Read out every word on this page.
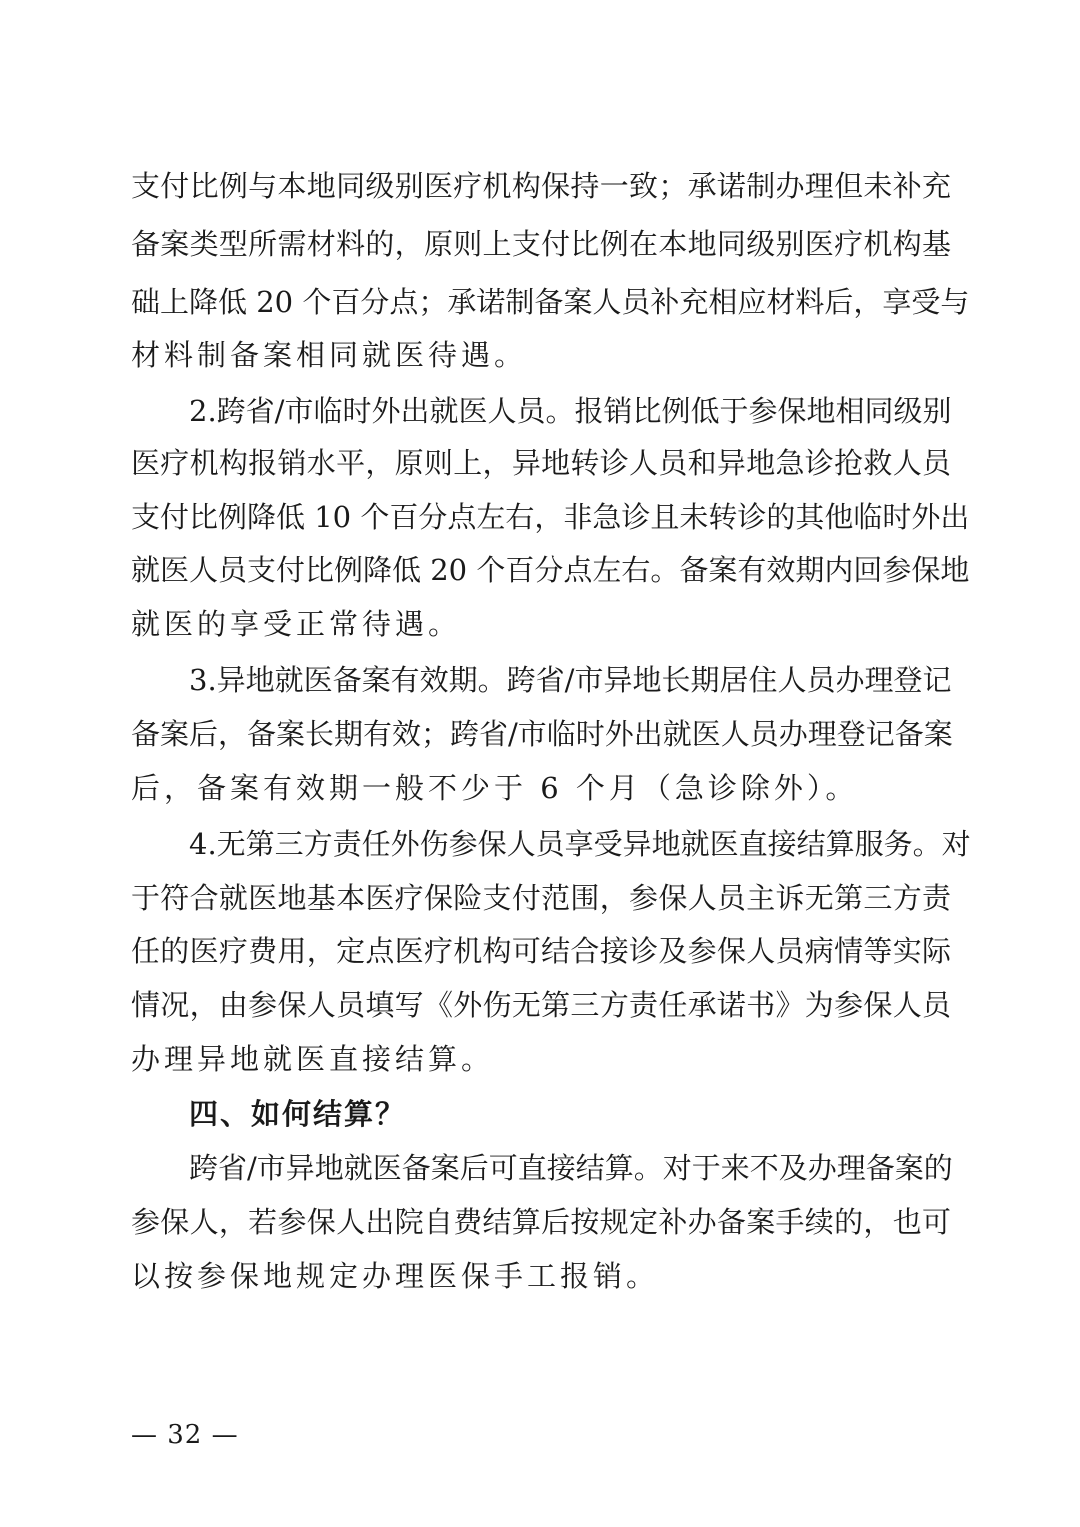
支付比例与本地同级别医疗机构保持一致；承诺制办理但未补充
备案类型所需材料的，原则上支付比例在本地同级别医疗机构基
础上降低 20 个百分点；承诺制备案人员补充相应材料后，享受与
材料制备案相同就医待遇。
2.跨省/市临时外出就医人员。报销比例低于参保地相同级别
医疗机构报销水平，原则上，异地转诊人员和异地急诊抢救人员
支付比例降低 10 个百分点左右，非急诊且未转诊的其他临时外出
就医人员支付比例降低 20 个百分点左右。备案有效期内回参保地
就医的享受正常待遇。
3.异地就医备案有效期。跨省/市异地长期居住人员办理登记
备案后，备案长期有效；跨省/市临时外出就医人员办理登记备案
后，备案有效期一般不少于 6 个月（急诊除外）。
4.无第三方责任外伤参保人员享受异地就医直接结算服务。对
于符合就医地基本医疗保险支付范围，参保人员主诉无第三方责
任的医疗费用，定点医疗机构可结合接诊及参保人员病情等实际
情况，由参保人员填写《外伤无第三方责任承诺书》为参保人员
办理异地就医直接结算。
四、如何结算？
跨省/市异地就医备案后可直接结算。对于来不及办理备案的
参保人，若参保人出院自费结算后按规定补办备案手续的，也可
以按参保地规定办理医保手工报销。
— 32 —
